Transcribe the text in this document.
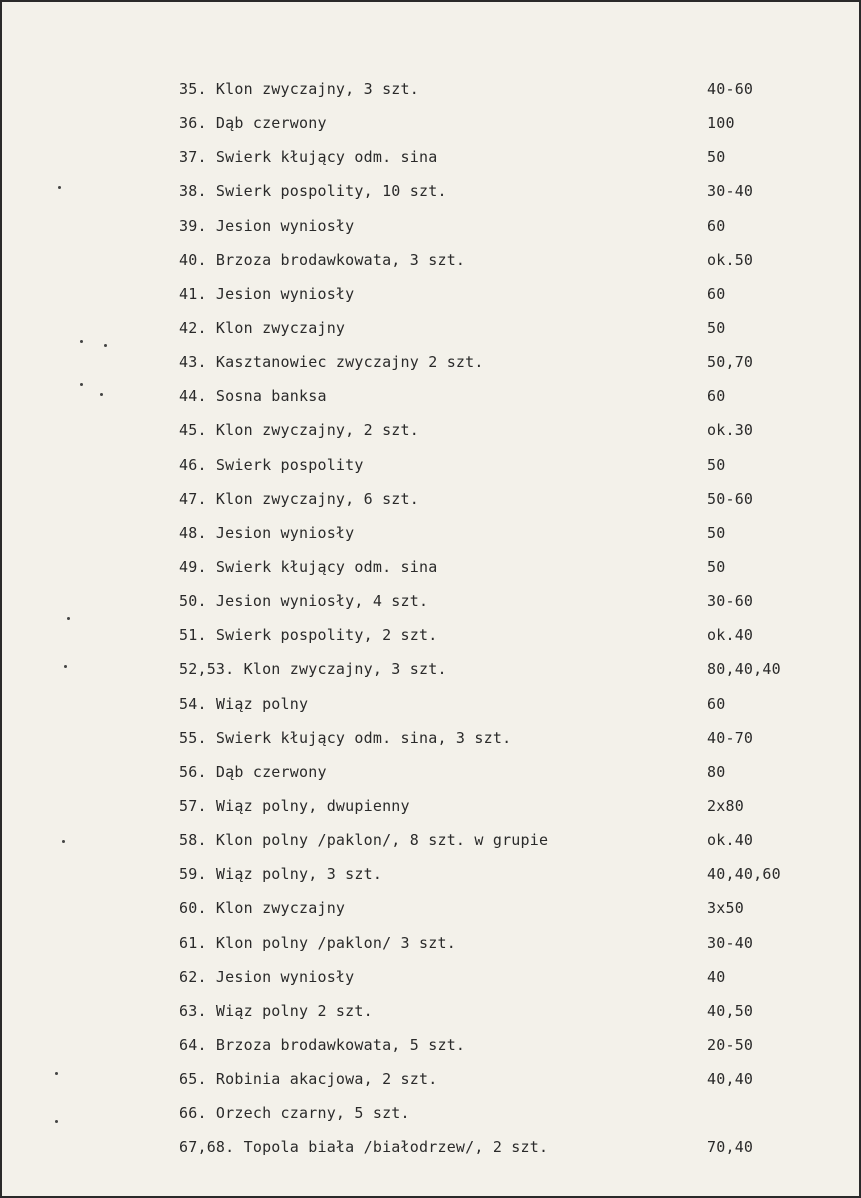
35. Klon zwyczajny, 3 szt.	40-60
36. Dąb czerwony	100
37. Swierk kłujący odm. sina	50
38. Swierk pospolity, 10 szt.	30-40
39. Jesion wyniosły	60
40. Brzoza brodawkowata, 3 szt.	ok.50
41. Jesion wyniosły	60
42. Klon zwyczajny	50
43. Kasztanowiec zwyczajny 2 szt.	50,70
44. Sosna banksa	60
45. Klon zwyczajny, 2 szt.	ok.30
46. Swierk pospolity	50
47. Klon zwyczajny, 6 szt.	50-60
48. Jesion wyniosły	50
49. Swierk kłujący odm. sina	50
50. Jesion wyniosły, 4 szt.	30-60
51. Swierk pospolity, 2 szt.	ok.40
52,53. Klon zwyczajny, 3 szt.	80,40,40
54. Wiąz polny	60
55. Swierk kłujący odm. sina, 3 szt.	40-70
56. Dąb czerwony	80
57. Wiąz polny, dwupienny	2x80
58. Klon polny /paklon/, 8 szt. w grupie	ok.40
59. Wiąz polny, 3 szt.	40,40,60
60. Klon zwyczajny	3x50
61. Klon polny /paklon/ 3 szt.	30-40
62. Jesion wyniosły	40
63. Wiąz polny 2 szt.	40,50
64. Brzoza brodawkowata, 5 szt.	20-50
65. Robinia akacjowa, 2 szt.	40,40
66. Orzech czarny, 5 szt.
67,68. Topola biała /białodrzew/, 2 szt.	70,40
